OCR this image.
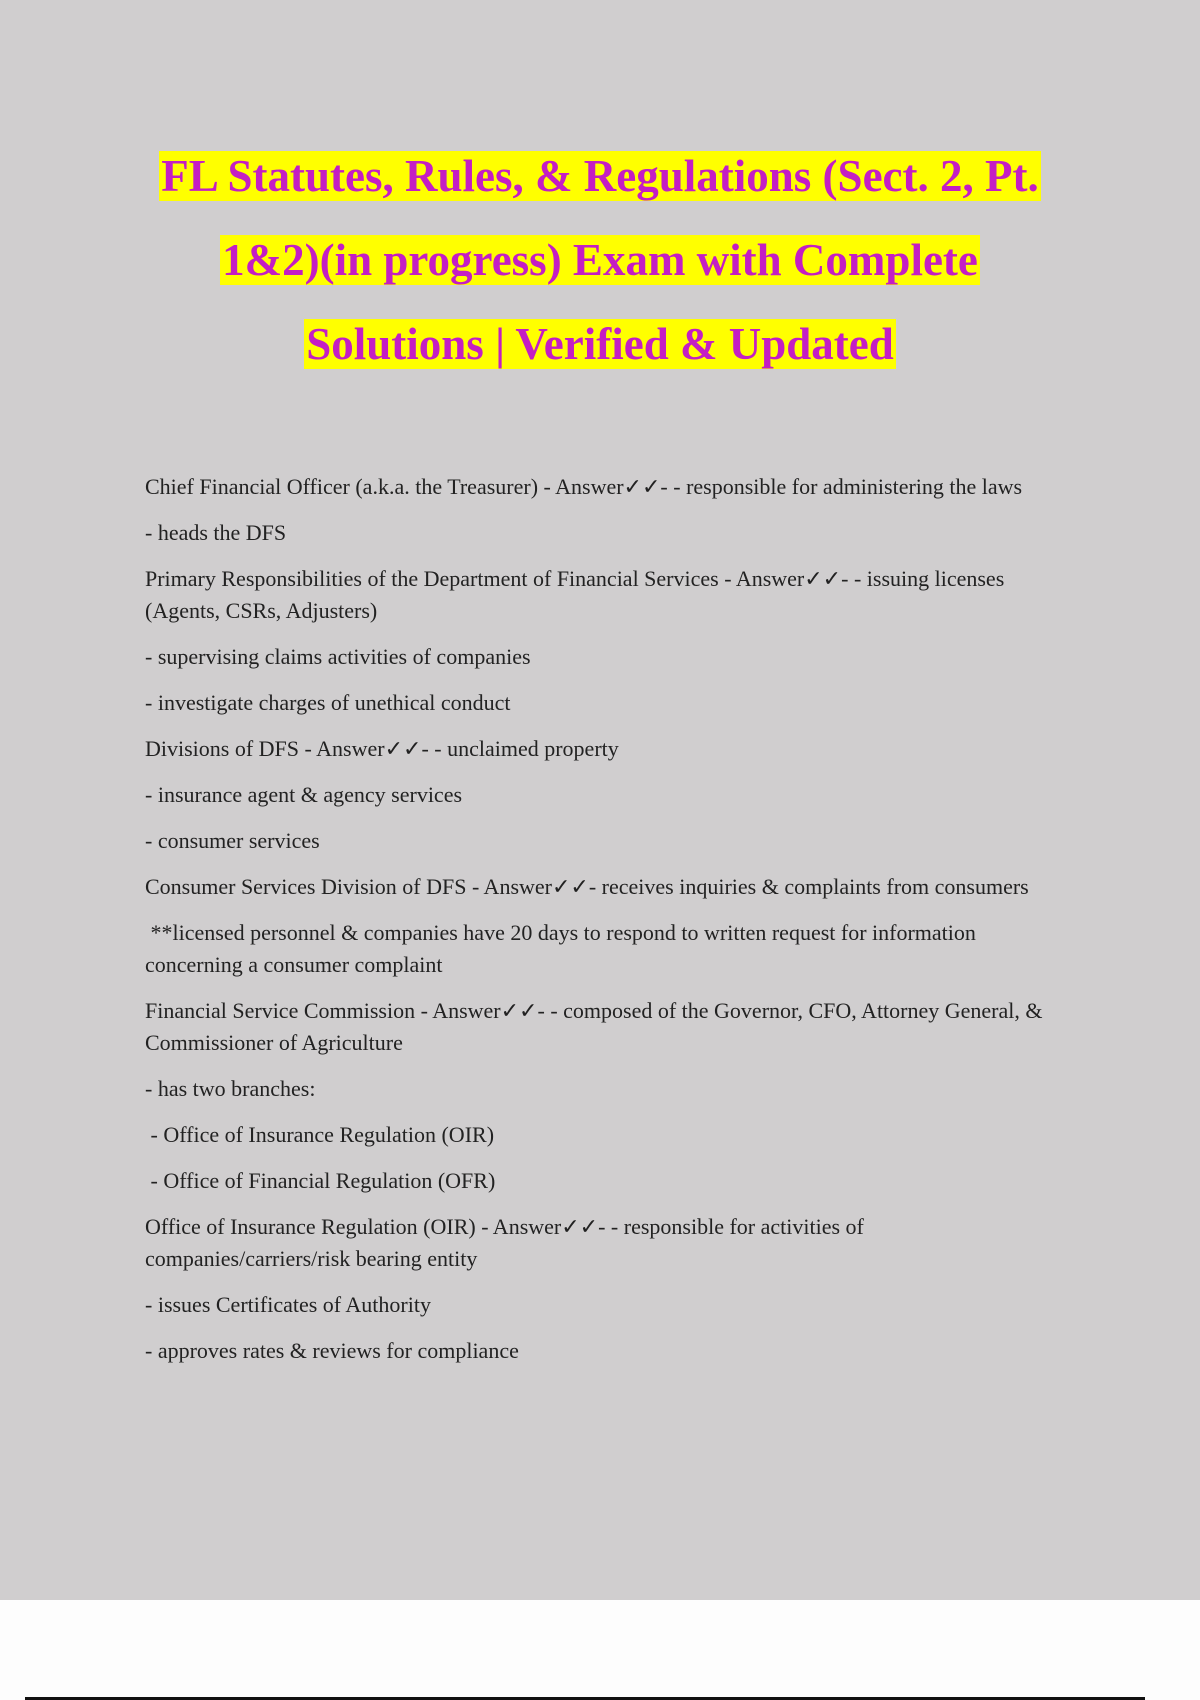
FL Statutes, Rules, & Regulations (Sect. 2, Pt.
1&2)(in progress) Exam with Complete
Solutions | Verified & Updated

Chief Financial Officer (a.k.a. the Treasurer) - Answer✓✓- - responsible for administering the laws

- heads the DFS

Primary Responsibilities of the Department of Financial Services - Answer✓✓- - issuing licenses (Agents, CSRs, Adjusters)

- supervising claims activities of companies

- investigate charges of unethical conduct

Divisions of DFS - Answer✓✓- - unclaimed property

- insurance agent & agency services

- consumer services

Consumer Services Division of DFS - Answer✓✓- receives inquiries & complaints from consumers

**licensed personnel & companies have 20 days to respond to written request for information concerning a consumer complaint

Financial Service Commission - Answer✓✓- - composed of the Governor, CFO, Attorney General, & Commissioner of Agriculture

- has two branches:

- Office of Insurance Regulation (OIR)

- Office of Financial Regulation (OFR)

Office of Insurance Regulation (OIR) - Answer✓✓- - responsible for activities of companies/carriers/risk bearing entity

- issues Certificates of Authority

- approves rates & reviews for compliance
